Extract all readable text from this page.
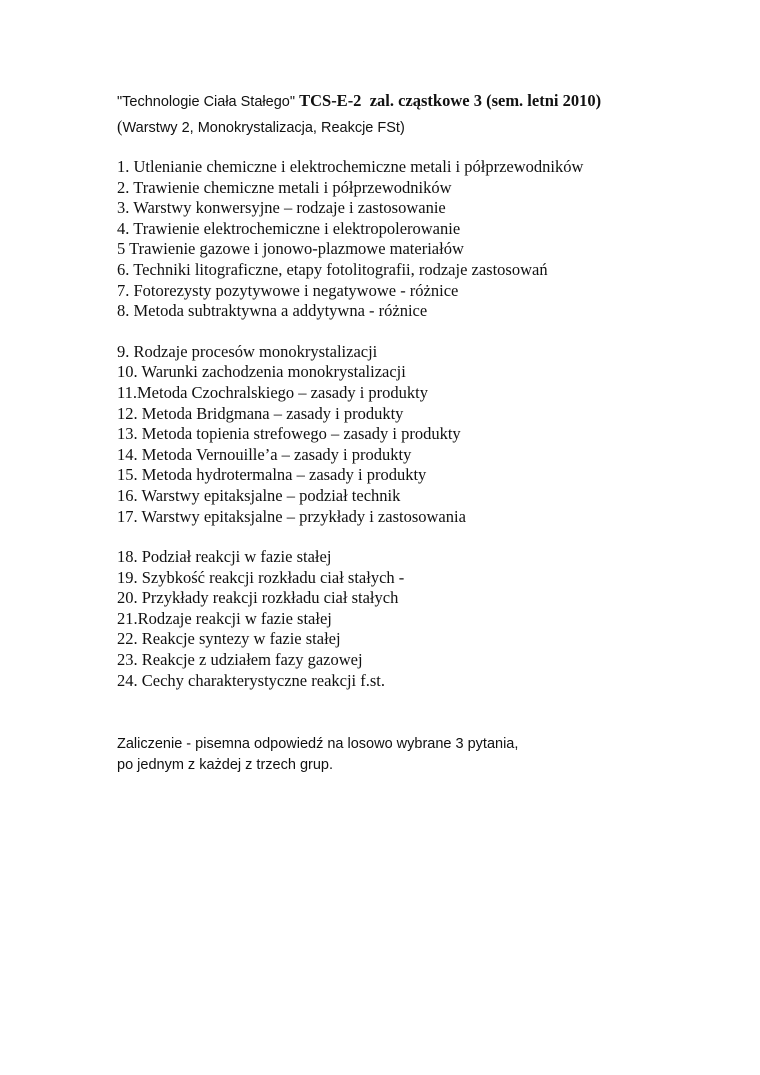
"Technologie Ciała Stałego" TCS-E-2 zal. cząstkowe 3 (sem. letni 2010)

(Warstwy 2, Monokrystalizacja, Reakcje FSt)

1. Utlenianie chemiczne i elektrochemiczne metali i półprzewodników
2. Trawienie chemiczne metali i półprzewodników
3. Warstwy konwersyjne – rodzaje i zastosowanie
4. Trawienie elektrochemiczne i elektropolerowanie
5 Trawienie gazowe i jonowo-plazmowe materiałów
6. Techniki litograficzne, etapy fotolitografii, rodzaje zastosowań
7. Fotorezysty pozytywowe i negatywowe - różnice
8. Metoda subtraktywna a addytywna - różnice
9. Rodzaje procesów monokrystalizacji
10. Warunki zachodzenia monokrystalizacji
11.Metoda Czochralskiego – zasady i produkty
12. Metoda Bridgmana – zasady i produkty
13. Metoda topienia strefowego – zasady i produkty
14. Metoda Vernouille’a – zasady i produkty
15. Metoda hydrotermalna – zasady i produkty
16. Warstwy epitaksjalne – podział technik
17. Warstwy epitaksjalne – przykłady i zastosowania
18. Podział reakcji w fazie stałej
19. Szybkość reakcji rozkładu ciał stałych -
20. Przykłady reakcji rozkładu ciał stałych
21.Rodzaje reakcji w fazie stałej
22. Reakcje syntezy w fazie stałej
23. Reakcje z udziałem fazy gazowej
24. Cechy charakterystyczne reakcji f.st.
Zaliczenie - pisemna odpowiedź na losowo wybrane 3 pytania,
po jednym z każdej z trzech grup.
